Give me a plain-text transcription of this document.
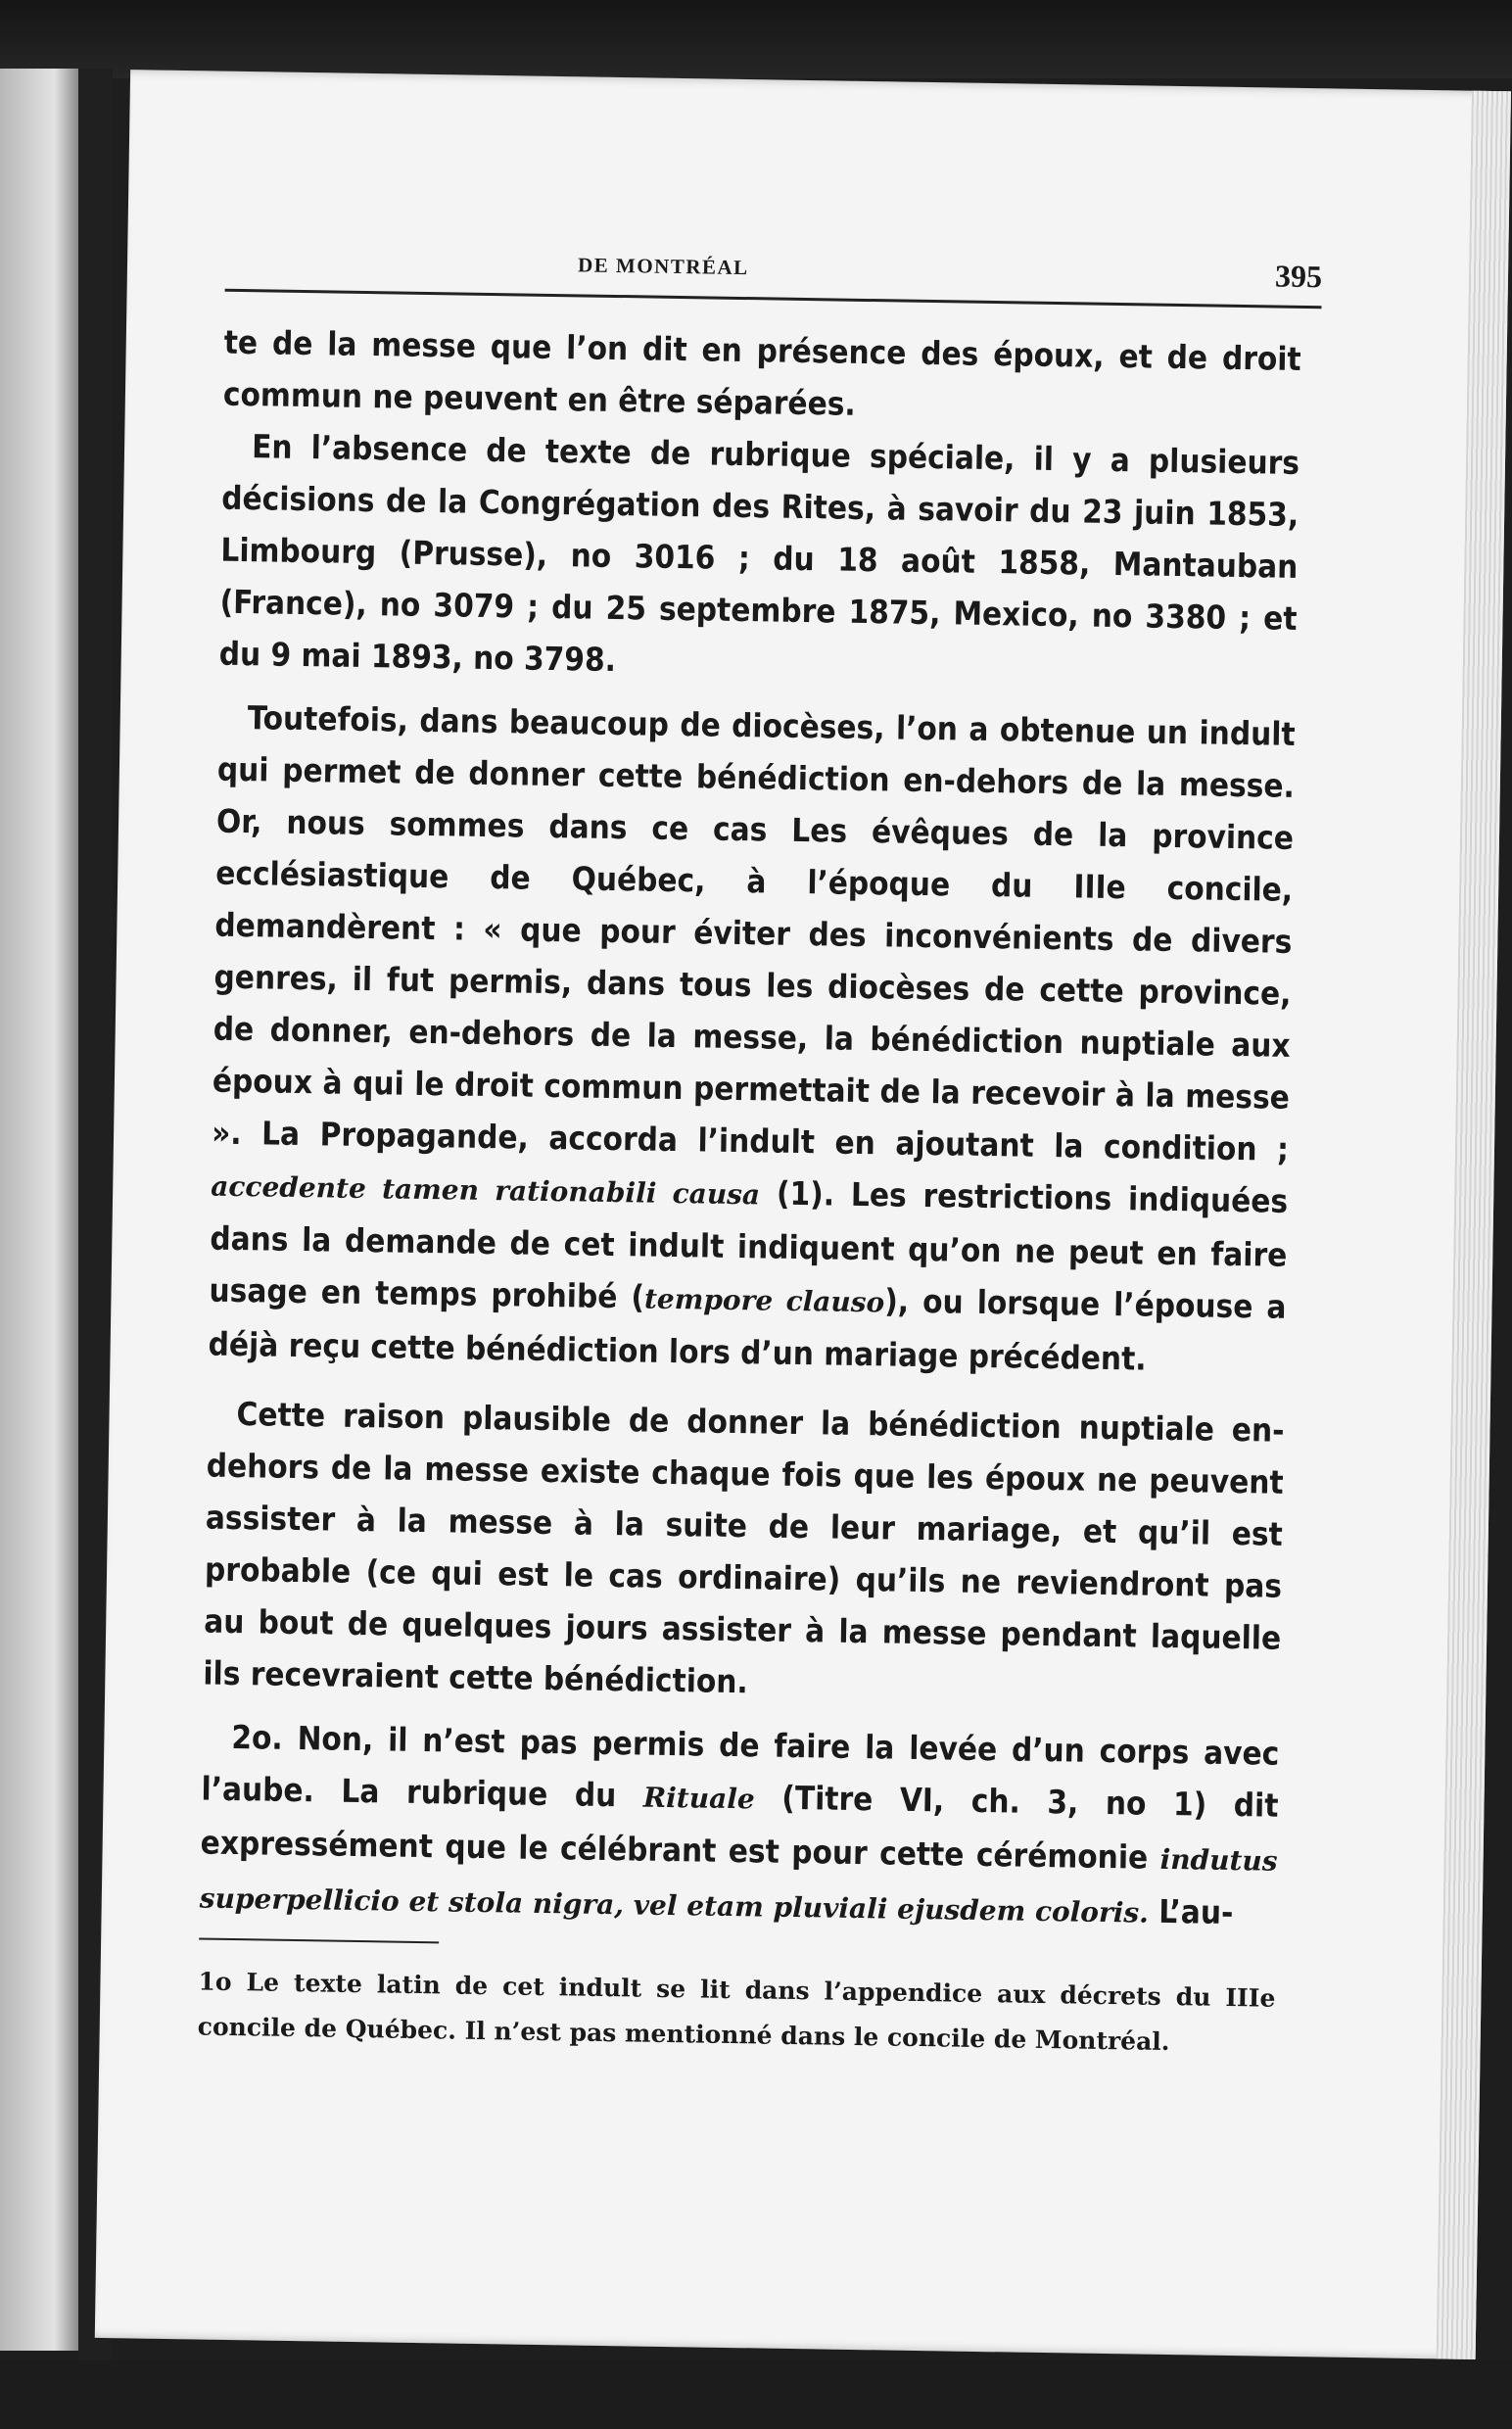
DE MONTRÉAL	395

te de la messe que l’on dit en présence des époux, et de droit commun ne peuvent en être séparées.

En l’absence de texte de rubrique spéciale, il y a plusieurs décisions de la Congrégation des Rites, à savoir du 23 juin 1853, Limbourg (Prusse), no 3016 ; du 18 août 1858, Mantauban (France), no 3079 ; du 25 septembre 1875, Mexico, no 3380 ; et du 9 mai 1893, no 3798.

Toutefois, dans beaucoup de diocèses, l’on a obtenue un indult qui permet de donner cette bénédiction en-dehors de la messe. Or, nous sommes dans ce cas Les évêques de la province ecclésiastique de Québec, à l’époque du IIIe concile, demandèrent : « que pour éviter des inconvénients de divers genres, il fut permis, dans tous les diocèses de cette province, de donner, en-dehors de la messe, la bénédiction nuptiale aux époux à qui le droit commun permettait de la recevoir à la messe ». La Propagande, accorda l’indult en ajoutant la condition ; accedente tamen rationabili causa (1). Les restrictions indiquées dans la demande de cet indult indiquent qu’on ne peut en faire usage en temps prohibé (tempore clauso), ou lorsque l’épouse a déjà reçu cette bénédiction lors d’un mariage précédent.

Cette raison plausible de donner la bénédiction nuptiale en-dehors de la messe existe chaque fois que les époux ne peuvent assister à la messe à la suite de leur mariage, et qu’il est probable (ce qui est le cas ordinaire) qu’ils ne reviendront pas au bout de quelques jours assister à la messe pendant laquelle ils recevraient cette bénédiction.

2o. Non, il n’est pas permis de faire la levée d’un corps avec l’aube. La rubrique du Rituale (Titre VI, ch. 3, no 1) dit expressément que le célébrant est pour cette cérémonie indutus superpellicio et stola nigra, vel etam pluviali ejusdem coloris. L’au-

1o Le texte latin de cet indult se lit dans l’appendice aux décrets du IIIe concile de Québec. Il n’est pas mentionné dans le concile de Montréal.
